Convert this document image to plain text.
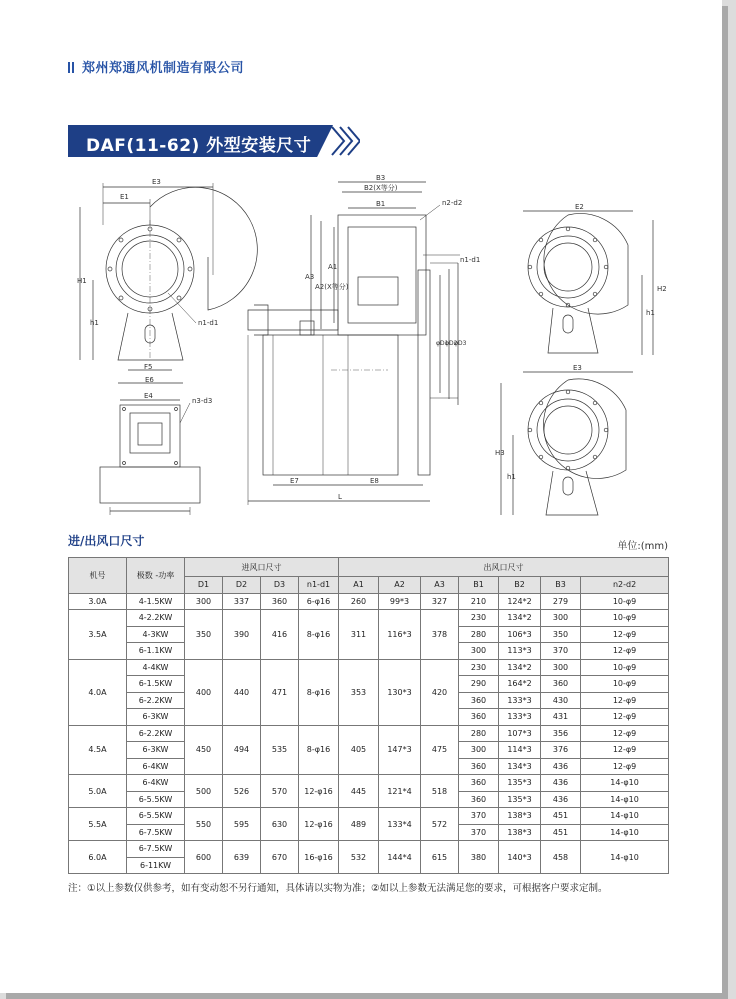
郑州郑通风机制造有限公司
DAF(11-62) 外型安装尺寸
E3
E1
H1
h1	n1-d1
F5
E6
E4
n3-d3
B3
B2(X等分)
B1	n2-d2
A3
A2(X等分)
A1
n1-d1
φD1
φD2
φD3
E7	E8
L
E2
H2
h1
E3
H3
h1
进/出风口尺寸	单位:(mm)
机号	极数 -功率	进风口尺寸				出风口尺寸						
		D1	D2	D3	n1-d1	A1	A2	A3	B1	B2	B3	n2-d2
3.0A	4-1.5KW	300	337	360	6-φ16	260	99*3	327	210	124*2	279	10-φ9
3.5A	4-2.2KW	350	390	416	8-φ16	311	116*3	378	230	134*2	300	10-φ9
	4-3KW								280	106*3	350	12-φ9
	6-1.1KW								300	113*3	370	12-φ9
4.0A	4-4KW	400	440	471	8-φ16	353	130*3	420	230	134*2	300	10-φ9
	6-1.5KW								290	164*2	360	10-φ9
	6-2.2KW								360	133*3	430	12-φ9
	6-3KW								360	133*3	431	12-φ9
4.5A	6-2.2KW	450	494	535	8-φ16	405	147*3	475	280	107*3	356	12-φ9
	6-3KW								300	114*3	376	12-φ9
	6-4KW								360	134*3	436	12-φ9
5.0A	6-4KW	500	526	570	12-φ16	445	121*4	518	360	135*3	436	14-φ10
	6-5.5KW								360	135*3	436	14-φ10
5.5A	6-5.5KW	550	595	630	12-φ16	489	133*4	572	370	138*3	451	14-φ10
	6-7.5KW								370	138*3	451	14-φ10
6.0A	6-7.5KW	600	639	670	16-φ16	532	144*4	615	380	140*3	458	14-φ10
	6-11KW											
注：①以上参数仅供参考，如有变动恕不另行通知，具体请以实物为准；②如以上参数无法满足您的要求，可根据客户要求定制。
